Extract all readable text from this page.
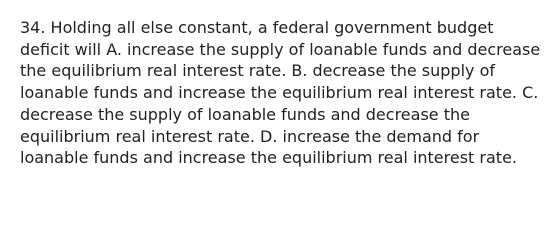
34. Holding all else constant, a federal government budget
deficit will A. increase the supply of loanable funds and decrease
the equilibrium real interest rate. B. decrease the supply of
loanable funds and increase the equilibrium real interest rate. C.
decrease the supply of loanable funds and decrease the
equilibrium real interest rate. D. increase the demand for
loanable funds and increase the equilibrium real interest rate.
